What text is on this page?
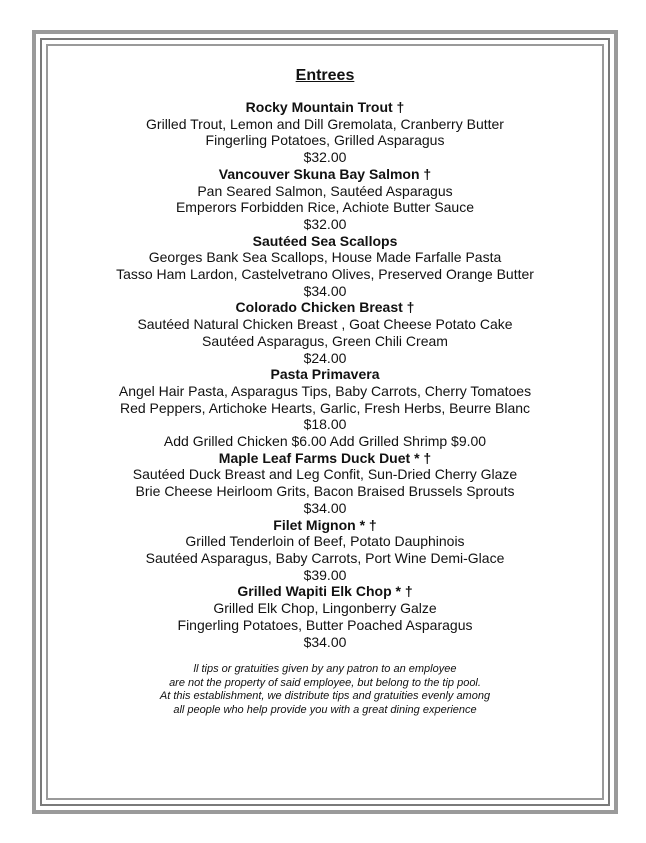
Entrees
Rocky Mountain Trout †
Grilled Trout, Lemon and Dill Gremolata, Cranberry Butter
Fingerling Potatoes, Grilled Asparagus
$32.00
Vancouver Skuna Bay Salmon †
Pan Seared Salmon, Sautéed Asparagus
Emperors Forbidden Rice, Achiote Butter Sauce
$32.00
Sautéed Sea Scallops
Georges Bank Sea Scallops, House Made Farfalle Pasta
Tasso Ham Lardon, Castelvetrano Olives, Preserved Orange Butter
$34.00
Colorado Chicken Breast †
Sautéed Natural Chicken Breast , Goat Cheese Potato Cake
Sautéed Asparagus, Green Chili Cream
$24.00
Pasta Primavera
Angel Hair Pasta, Asparagus Tips, Baby Carrots, Cherry Tomatoes
Red Peppers, Artichoke Hearts, Garlic, Fresh Herbs, Beurre Blanc
$18.00
Add Grilled Chicken $6.00 Add Grilled Shrimp $9.00
Maple Leaf Farms Duck Duet * †
Sautéed Duck Breast and Leg Confit, Sun-Dried Cherry Glaze
Brie Cheese Heirloom Grits, Bacon Braised Brussels Sprouts
$34.00
Filet Mignon * †
Grilled Tenderloin of Beef, Potato Dauphinois
Sautéed Asparagus, Baby Carrots, Port Wine Demi-Glace
$39.00
Grilled Wapiti Elk Chop * †
Grilled Elk Chop, Lingonberry Galze
Fingerling Potatoes, Butter Poached Asparagus
$34.00
ll tips or gratuities given by any patron to an employee
are not the property of said employee, but belong to the tip pool.
At this establishment, we distribute tips and gratuities evenly among
all people who help provide you with a great dining experience
